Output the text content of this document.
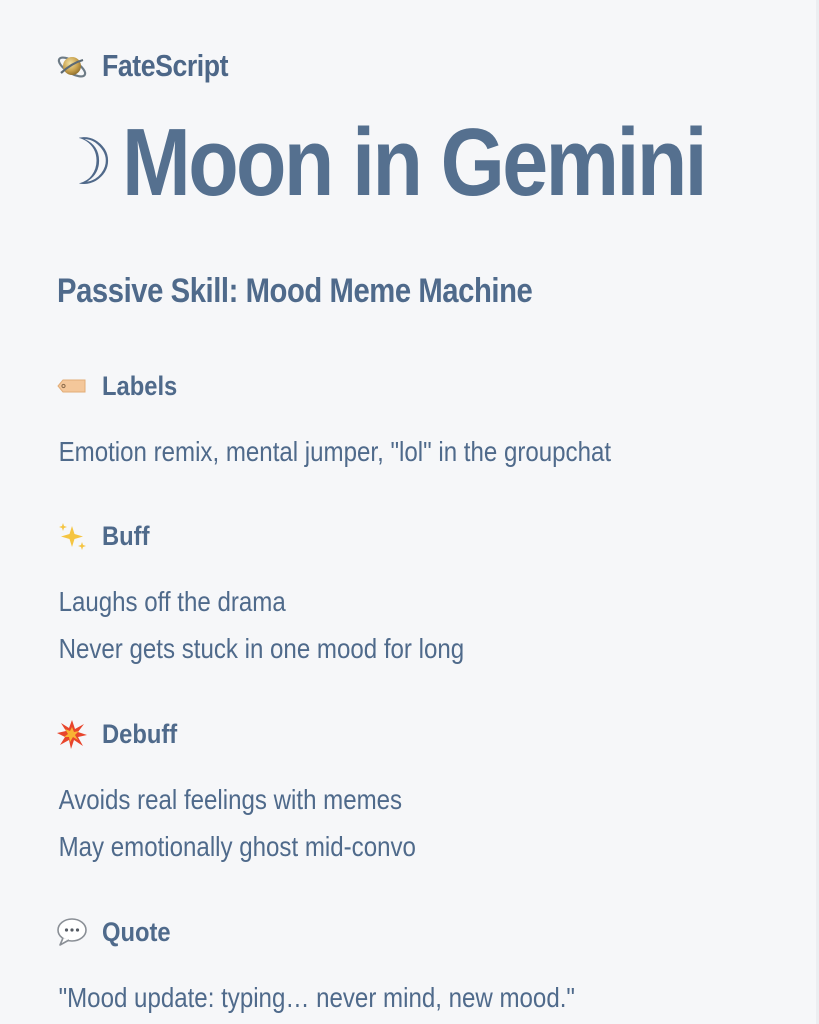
FateScript
☽ Moon in Gemini
Passive Skill: Mood Meme Machine
Labels
Emotion remix, mental jumper, "lol" in the groupchat
Buff
Laughs off the drama
Never gets stuck in one mood for long
Debuff
Avoids real feelings with memes
May emotionally ghost mid-convo
Quote
"Mood update: typing… never mind, new mood."
